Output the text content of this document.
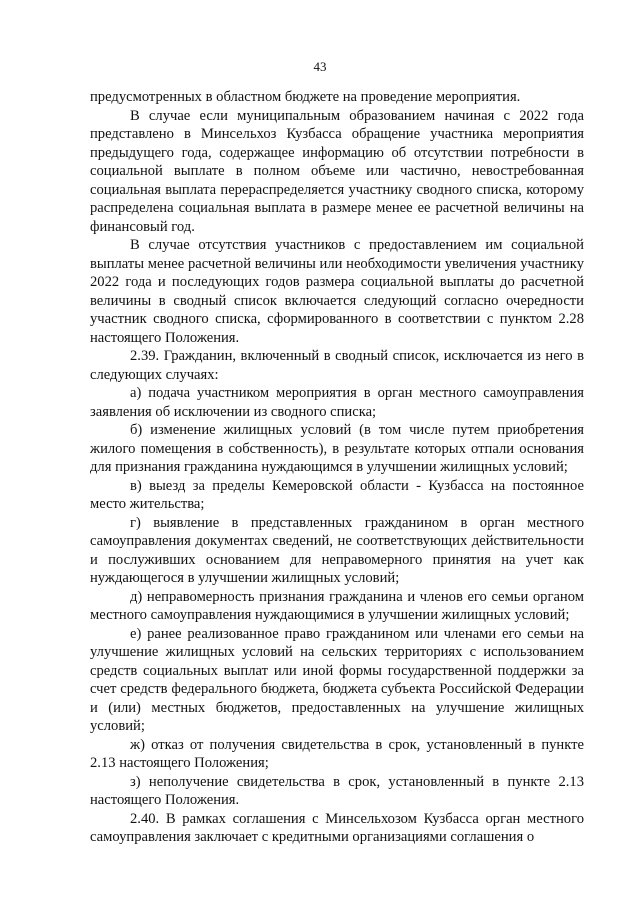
43

предусмотренных в областном бюджете на проведение мероприятия.

В случае если муниципальным образованием начиная с 2022 года представлено в Минсельхоз Кузбасса обращение участника мероприятия предыдущего года, содержащее информацию об отсутствии потребности в социальной выплате в полном объеме или частично, невостребованная социальная выплата перераспределяется участнику сводного списка, которому распределена социальная выплата в размере менее ее расчетной величины на финансовый год.

В случае отсутствия участников с предоставлением им социальной выплаты менее расчетной величины или необходимости увеличения участнику 2022 года и последующих годов размера социальной выплаты до расчетной величины в сводный список включается следующий согласно очередности участник сводного списка, сформированного в соответствии с пунктом 2.28 настоящего Положения.

2.39. Гражданин, включенный в сводный список, исключается из него в следующих случаях:

а) подача участником мероприятия в орган местного самоуправления заявления об исключении из сводного списка;

б) изменение жилищных условий (в том числе путем приобретения жилого помещения в собственность), в результате которых отпали основания для признания гражданина нуждающимся в улучшении жилищных условий;

в) выезд за пределы Кемеровской области - Кузбасса на постоянное место жительства;

г) выявление в представленных гражданином в орган местного самоуправления документах сведений, не соответствующих действительности и послуживших основанием для неправомерного принятия на учет как нуждающегося в улучшении жилищных условий;

д) неправомерность признания гражданина и членов его семьи органом местного самоуправления нуждающимися в улучшении жилищных условий;

е) ранее реализованное право гражданином или членами его семьи на улучшение жилищных условий на сельских территориях с использованием средств социальных выплат или иной формы государственной поддержки за счет средств федерального бюджета, бюджета субъекта Российской Федерации и (или) местных бюджетов, предоставленных на улучшение жилищных условий;

ж) отказ от получения свидетельства в срок, установленный в пункте 2.13 настоящего Положения;

з) неполучение свидетельства в срок, установленный в пункте 2.13 настоящего Положения.

2.40. В рамках соглашения с Минсельхозом Кузбасса орган местного самоуправления заключает с кредитными организациями соглашения о
